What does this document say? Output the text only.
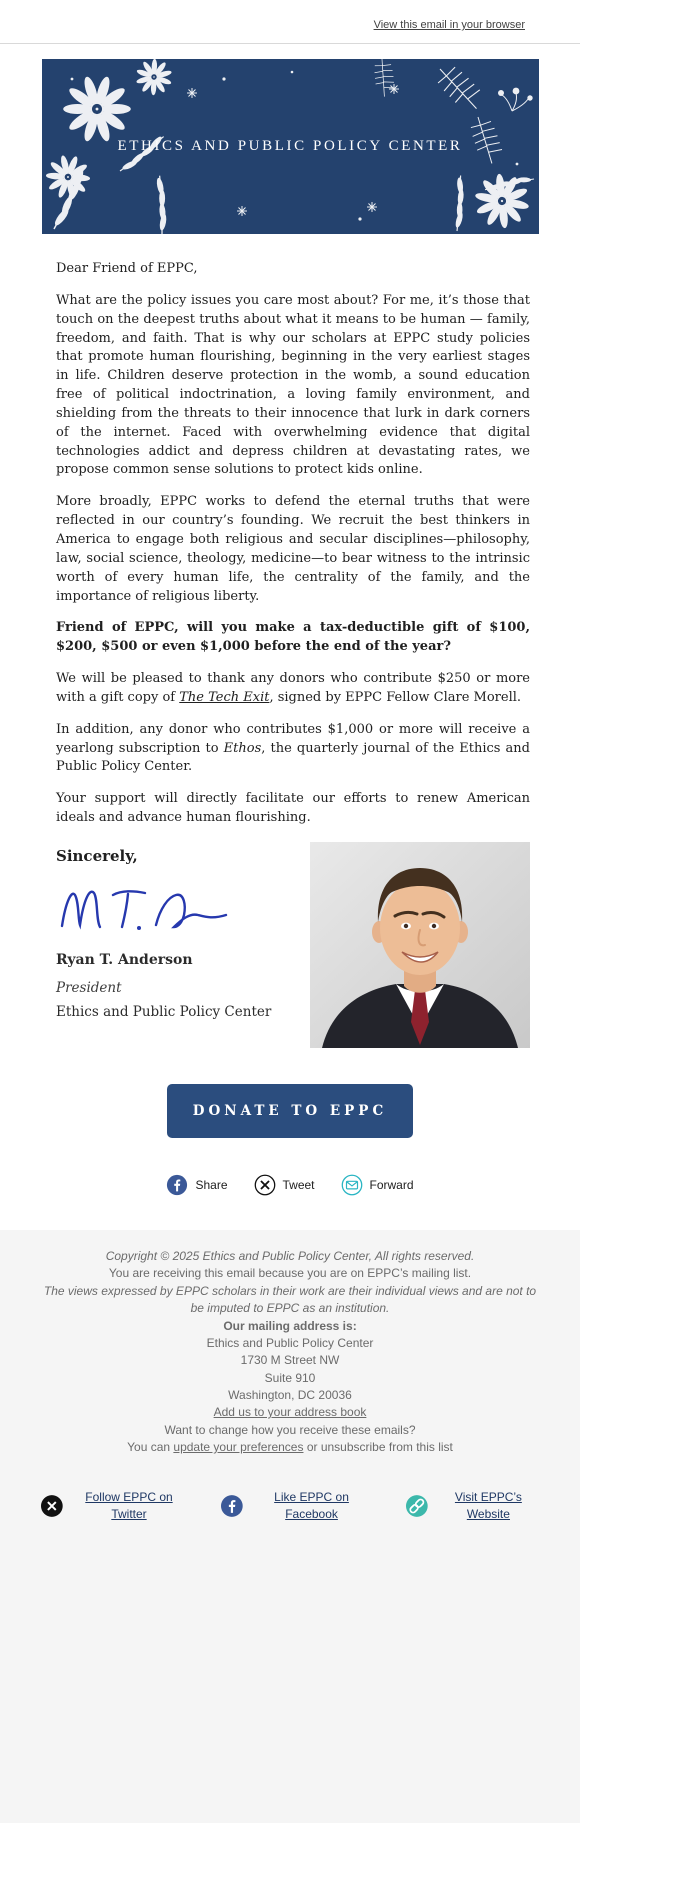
View this email in your browser
ETHICS AND PUBLIC POLICY CENTER

Dear Friend of EPPC,

What are the policy issues you care most about? For me, it’s those that touch on the deepest truths about what it means to be human — family, freedom, and faith. That is why our scholars at EPPC study policies that promote human flourishing, beginning in the very earliest stages in life. Children deserve protection in the womb, a sound education free of political indoctrination, a loving family environment, and shielding from the threats to their innocence that lurk in dark corners of the internet. Faced with overwhelming evidence that digital technologies addict and depress children at devastating rates, we propose common sense solutions to protect kids online.

More broadly, EPPC works to defend the eternal truths that were reflected in our country’s founding. We recruit the best thinkers in America to engage both religious and secular disciplines—philosophy, law, social science, theology, medicine—to bear witness to the intrinsic worth of every human life, the centrality of the family, and the importance of religious liberty.

Friend of EPPC, will you make a tax-deductible gift of $100, $200, $500 or even $1,000 before the end of the year?

We will be pleased to thank any donors who contribute $250 or more with a gift copy of The Tech Exit, signed by EPPC Fellow Clare Morell.

In addition, any donor who contributes $1,000 or more will receive a yearlong subscription to Ethos, the quarterly journal of the Ethics and Public Policy Center.

Your support will directly facilitate our efforts to renew American ideals and advance human flourishing.

Sincerely,
Ryan T. Anderson
President
Ethics and Public Policy Center
DONATE TO EPPC
Share	Tweet	Forward

Copyright © 2025 Ethics and Public Policy Center, All rights reserved.

You are receiving this email because you are on EPPC’s mailing list.

The views expressed by EPPC scholars in their work are their individual views and are not to be imputed to EPPC as an institution.

Our mailing address is:

Ethics and Public Policy Center

1730 M Street NW

Suite 910

Washington, DC 20036

Add us to your address book

Want to change how you receive these emails?

You can update your preferences or unsubscribe from this list

Follow EPPC on Twitter
Like EPPC on Facebook
Visit EPPC’s Website
